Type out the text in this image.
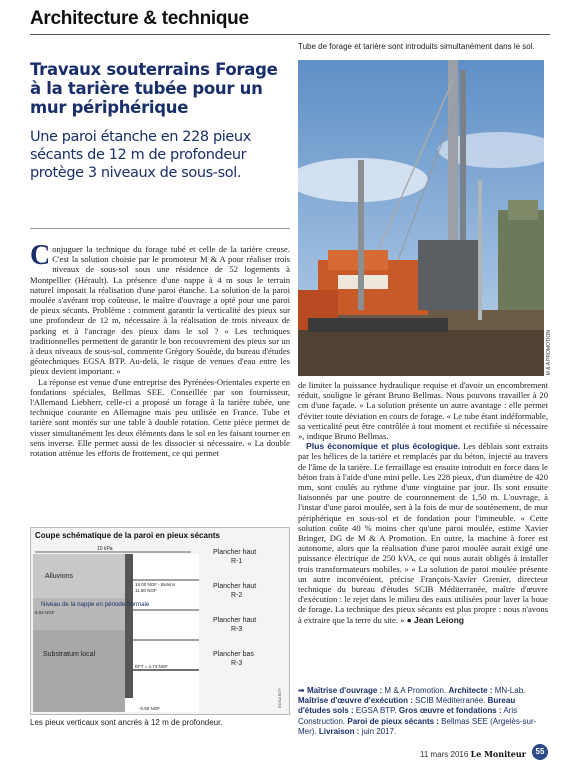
Architecture & technique
Tube de forage et tarière sont introduits simultanément dans le sol.
M & A PROMOTION
Travaux souterrains Forage à la tarière tubée pour un mur périphérique
Une paroi étanche en 228 pieux sécants de 12 m de profondeur protège 3 niveaux de sous-sol.

Conjuguer la technique du forage tubé et celle de la tarière creuse. C'est la solution choisie par le promoteur M & A pour réaliser trois niveaux de sous-sol sous une résidence de 52 logements à Montpellier (Hérault). La présence d'une nappe à 4 m sous le terrain naturel imposait la réalisation d'une paroi étanche. La solution de la paroi moulée s'avérant trop coûteuse, le maître d'ouvrage a opté pour une paroi de pieux sécants. Problème : comment garantir la verticalité des pieux sur une profondeur de 12 m, nécessaire à la réalisation de trois niveaux de parking et à l'ancrage des pieux dans le sol ? « Les techniques traditionnelles permettent de garantir le bon recouvrement des pieux sur un à deux niveaux de sous-sol, commente Grégory Souède, du bureau d'études géotechniques EGSA BTP. Au-delà, le risque de venues d'eau entre les pieux devient important. »

La réponse est venue d'une entreprise des Pyrénées-Orientales experte en fondations spéciales, Bellmas SEE. Conseillée par son fournisseur, l'Allemand Liebherr, celle-ci a proposé un forage à la tarière tubée, une technique courante en Allemagne mais peu utilisée en France. Tube et tarière sont montés sur une table à double rotation. Cette pièce permet de visser simultanément les deux éléments dans le sol en les faisant tourner en sens inverse. Elle permet aussi de les dissocier si nécessaire. « La double rotation atténue les efforts de frottement, ce qui permet

Coupe schématique de la paroi en pieux sécants
10 kPa
Alluvions
Niveau de la nappe en période normale
Substratum local
15.00 NGF - Butons
11.50 NGF
9.04 NGF
EFT = 4.74 NGF
-0.50 NGF
Plancher haut
R-1
Plancher haut
R-2
Plancher haut
R-3
Plancher bas
R-3
EGSA BTP
Les pieux verticaux sont ancrés à 12 m de profondeur.

de limiter la puissance hydraulique requise et d'avoir un encombrement réduit, souligne le gérant Bruno Bellmas. Nous pouvons travailler à 20 cm d'une façade. » La solution présente un autre avantage : elle permet d'éviter toute déviation en cours de forage. « Le tube étant indéformable, sa verticalité peut être contrôlée à tout moment et rectifiée si nécessaire », indique Bruno Bellmas.

Plus économique et plus écologique. Les déblais sont extraits par les hélices de la tarière et remplacés par du béton, injecté au travers de l'âme de la tarière. Le ferraillage est ensuite introduit en force dans le béton frais à l'aide d'une mini pelle. Les 228 pieux, d'un diamètre de 420 mm, sont coulés au rythme d'une vingtaine par jour. Ils sont ensuite liaisonnés par une poutre de couronnement de 1,50 m. L'ouvrage, à l'instar d'une paroi moulée, sert à la fois de mur de soutènement, de mur périphérique en sous-sol et de fondation pour l'immeuble. « Cette solution coûte 40 % moins cher qu'une paroi moulée, estime Xavier Bringer, DG de M & A Promotion. En outre, la machine à forer est autonome, alors que la réalisation d'une paroi moulée aurait exigé une puissance électrique de 250 kVA, ce qui nous aurait obligés à installer trois transformateurs mobiles. » « La solution de paroi moulée présente un autre inconvénient, précise François-Xavier Grenier, directeur technique du bureau d'études SCIB Méditerranée, maître d'œuvre d'exécution : le rejet dans le milieu des eaux utilisées pour laver la boue de forage. La technique des pieux sécants est plus propre : nous n'avons à extraire que la terre du site. » ● Jean Leiong

➡ Maîtrise d'ouvrage : M & A Promotion. Architecte : MN-Lab. Maîtrise d'œuvre d'exécution : SCIB Méditerranée. Bureau d'études sols : EGSA BTP. Gros œuvre et fondations : Aris Construction. Paroi de pieux sécants : Bellmas SEE (Argelès-sur-Mer). Livraison : juin 2017.
11 mars 2016 Le Moniteur	55
